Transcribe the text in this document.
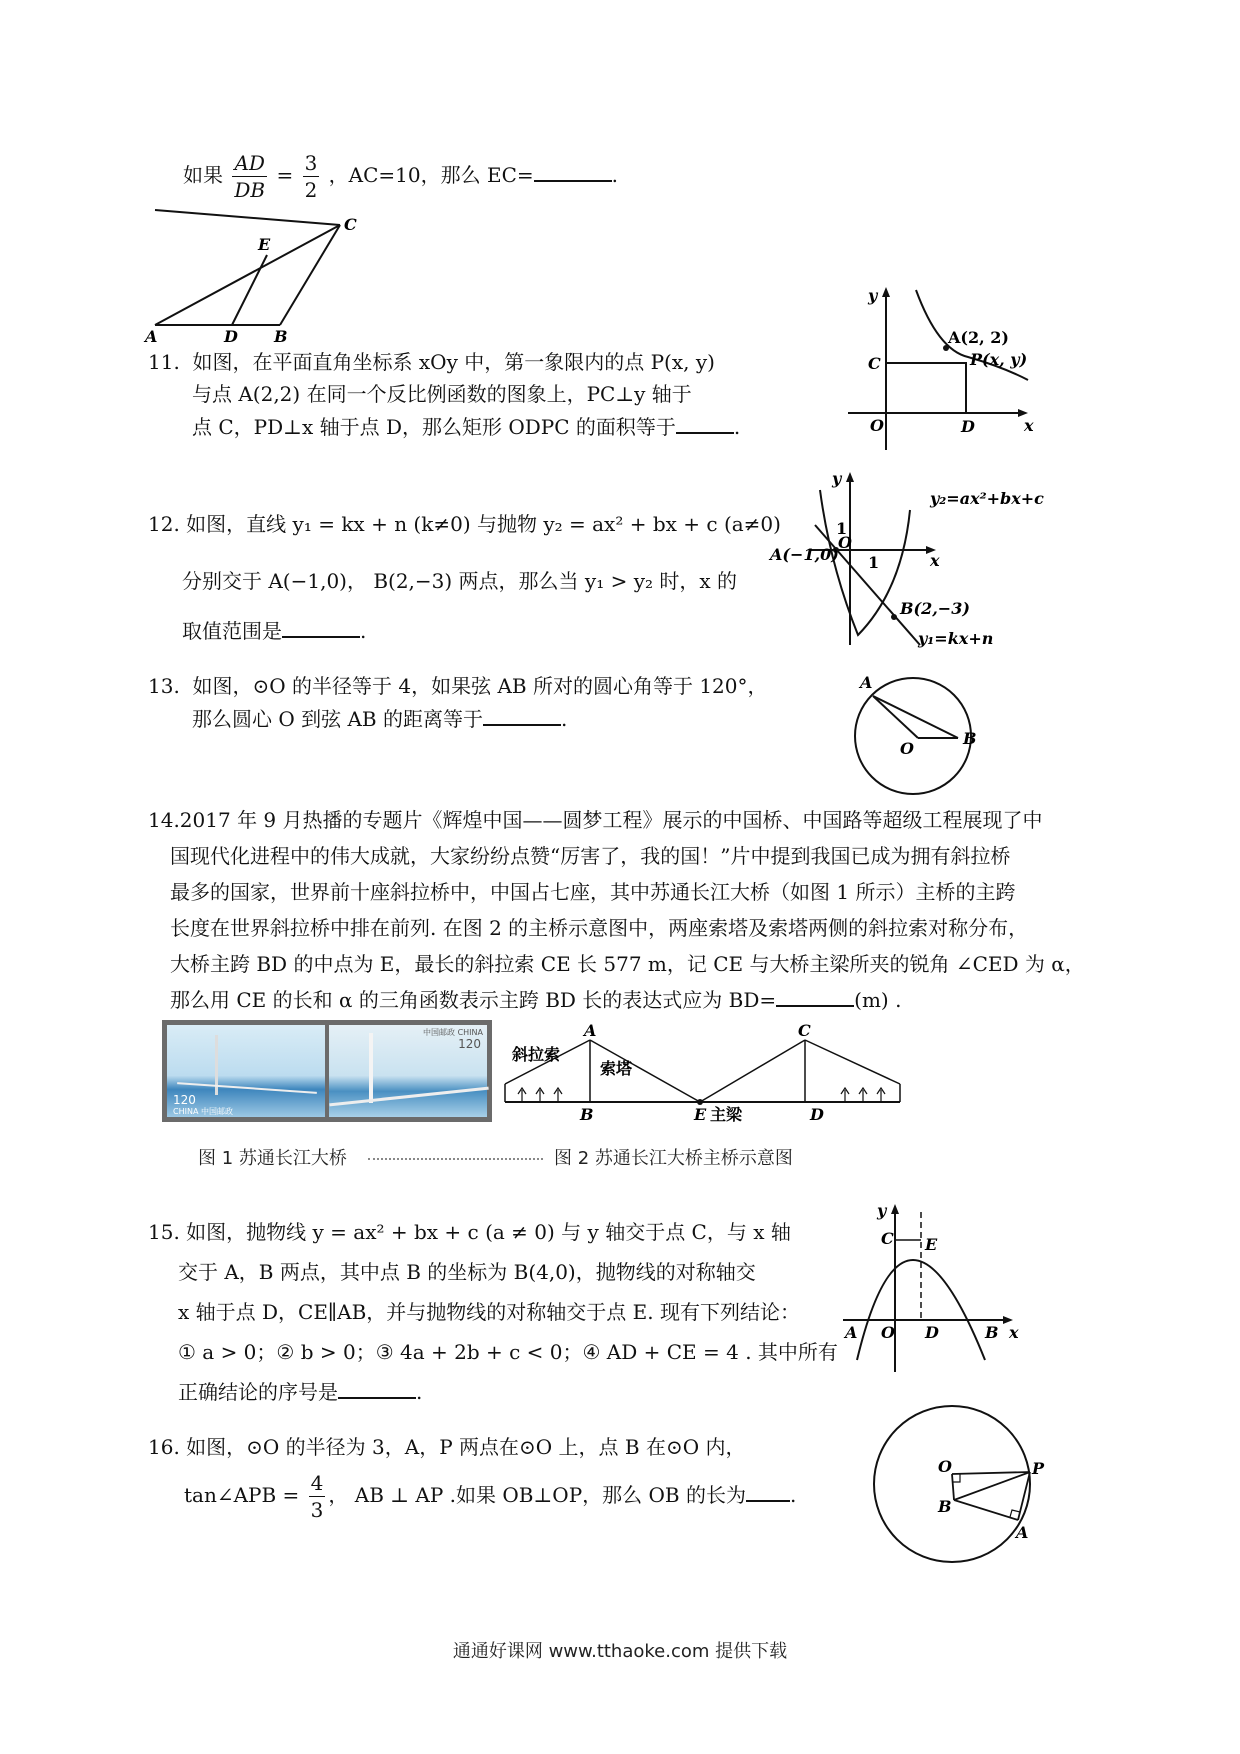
如果 $\frac{AD}{DB} = \frac{3}{2}$ ，AC=10，那么 EC=	.
A	D B
E
C

11. 如图，在平面直角坐标系 xOy 中，第一象限内的点 P(x, y)

与点 A(2,2) 在同一个反比例函数的图象上，PC⊥y 轴于

点 C，PD⊥x 轴于点 D，那么矩形 ODPC 的面积等于	.

y
x
O
C
D
A(2, 2)
P(x, y)

12. 如图，直线 y₁ = kx + n (k≠0) 与抛物 y₂ = ax² + bx + c (a≠0)

分别交于 A(−1,0)， B(2,−3) 两点，那么当 y₁ > y₂ 时，x 的

取值范围是	.

y
x
1
1
O
A(−1,0)
B(2,−3)
y₂=ax²+bx+c
y₁=kx+n

13. 如图，⊙O 的半径等于 4，如果弦 AB 所对的圆心角等于 120°，

那么圆心 O 到弦 AB 的距离等于	.

A
O
B

14.2017 年 9 月热播的专题片《辉煌中国——圆梦工程》展示的中国桥、中国路等超级工程展现了中

国现代化进程中的伟大成就，大家纷纷点赞“厉害了，我的国！”片中提到我国已成为拥有斜拉桥

最多的国家，世界前十座斜拉桥中，中国占七座，其中苏通长江大桥（如图 1 所示）主桥的主跨

长度在世界斜拉桥中排在前列. 在图 2 的主桥示意图中，两座索塔及索塔两侧的斜拉索对称分布，

大桥主跨 BD 的中点为 E，最长的斜拉索 CE 长 577 m，记 CE 与大桥主梁所夹的锐角 ∠CED 为 α，

那么用 CE 的长和 α 的三角函数表示主跨 BD 长的表达式应为 BD=	(m) .

120
CHINA 中国邮政
中国邮政 CHINA
120
A	C
B	E	D
斜拉索
索塔
主梁
图 1 苏通长江大桥	图 2 苏通长江大桥主桥示意图

15. 如图，抛物线 y = ax² + bx + c (a ≠ 0) 与 y 轴交于点 C，与 x 轴

交于 A，B 两点，其中点 B 的坐标为 B(4,0)，抛物线的对称轴交

x 轴于点 D，CE∥AB，并与抛物线的对称轴交于点 E. 现有下列结论：

① a > 0；② b > 0；③ 4a + 2b + c < 0；④ AD + CE = 4 . 其中所有

正确结论的序号是	.

y
x
C E
A O D	B

16. 如图，⊙O 的半径为 3，A，P 两点在⊙O 上，点 B 在⊙O 内，

tan∠APB = $\frac{4}{3}$ ， AB ⊥ AP .如果 OB⊥OP，那么 OB 的长为 .

O	P
B
A
通通好课网 www.tthaoke.com 提供下载
